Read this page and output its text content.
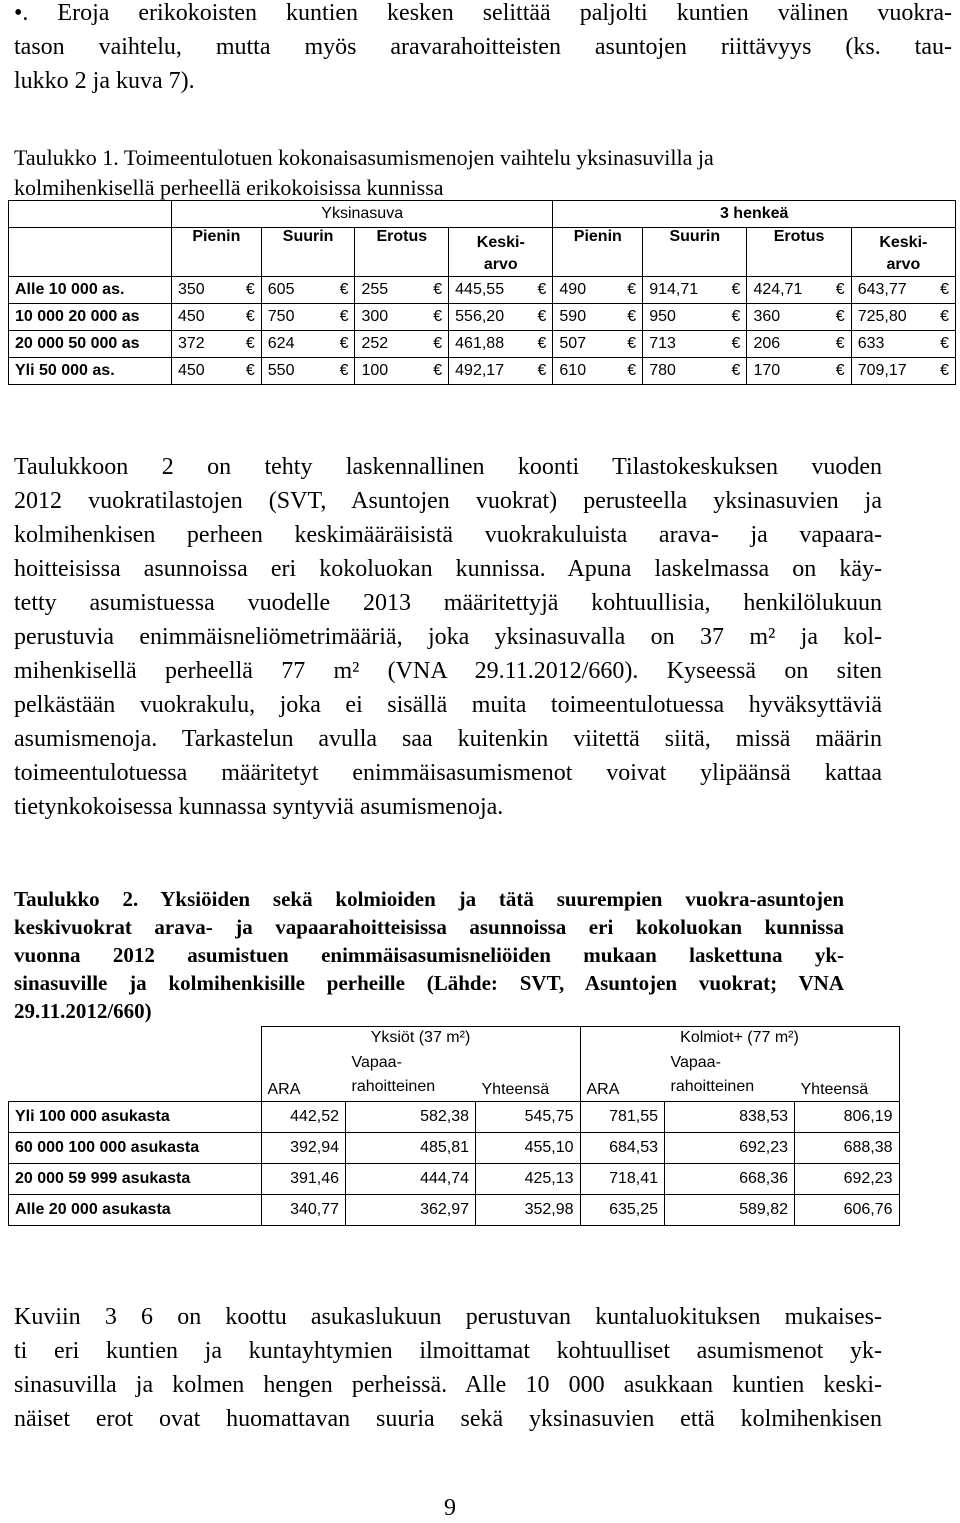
•. Eroja erikokoisten kuntien kesken selittää paljolti kuntien välinen vuokra-
tason vaihtelu, mutta myös aravarahoitteisten asuntojen riittävyys (ks. tau-
lukko 2 ja kuva 7).
Taulukko 1. Toimeentulotuen kokonaisasumismenojen vaihtelu yksinasuvilla ja
kolmihenkisellä perheellä erikokoisissa kunnissa
	Yksinasuva				3 henkeä			
	Pienin	Suurin	Erotus	Keski-
arvo	Pienin	Suurin	Erotus	Keski-
arvo
Alle 10 000 as.	350 €	605 €	255 €	445,55 €	490 €	914,71 €	424,71 €	643,77 €

10 000 20 000 as	450 €	750 €	300 €	556,20 €	590 €	950 €	360 €	725,80 €

20 000 50 000 as	372 €	624 €	252 €	461,88 €	507 €	713 €	206 €	633 €

Yli 50 000 as.	450 €	550 €	100 €	492,17 €	610 €	780 €	170 €	709,17 €
Taulukkoon 2 on tehty laskennallinen koonti Tilastokeskuksen vuoden
2012 vuokratilastojen (SVT, Asuntojen vuokrat) perusteella yksinasuvien ja
kolmihenkisen perheen keskimääräisistä vuokrakuluista arava- ja vapaara-
hoitteisissa asunnoissa eri kokoluokan kunnissa. Apuna laskelmassa on käy-
tetty asumistuessa vuodelle 2013 määritettyjä kohtuullisia, henkilölukuun
perustuvia enimmäisneliömetrimääriä, joka yksinasuvalla on 37 m² ja kol-
mihenkisellä perheellä 77 m² (VNA 29.11.2012/660). Kyseessä on siten
pelkästään vuokrakulu, joka ei sisällä muita toimeentulotuessa hyväksyttäviä
asumismenoja. Tarkastelun avulla saa kuitenkin viitettä siitä, missä määrin
toimeentulotuessa määritetyt enimmäisasumismenot voivat ylipäänsä kattaa
tietynkokoisessa kunnassa syntyviä asumismenoja.
Taulukko 2. Yksiöiden sekä kolmioiden ja tätä suurempien vuokra-asuntojen
keskivuokrat arava- ja vapaarahoitteisissa asunnoissa eri kokoluokan kunnissa
vuonna 2012 asumistuen enimmäisasumisneliöiden mukaan laskettuna yk-
sinasuville ja kolmihenkisille perheille (Lähde: SVT, Asuntojen vuokrat; VNA
29.11.2012/660)
	Yksiöt (37 m²)			Kolmiot+ (77 m²)		
	ARA	Vapaa-
rahoitteinen	Yhteensä	ARA	Vapaa-
rahoitteinen	Yhteensä
Yli 100 000 asukasta	442,52	582,38	545,75	781,55	838,53	806,19
60 000 100 000 asukasta	392,94	485,81	455,10	684,53	692,23	688,38
20 000 59 999 asukasta	391,46	444,74	425,13	718,41	668,36	692,23
Alle 20 000 asukasta	340,77	362,97	352,98	635,25	589,82	606,76
Kuviin 3 6 on koottu asukaslukuun perustuvan kuntaluokituksen mukaises-
ti eri kuntien ja kuntayhtymien ilmoittamat kohtuulliset asumismenot yk-
sinasuvilla ja kolmen hengen perheissä. Alle 10 000 asukkaan kuntien keski-
näiset erot ovat huomattavan suuria sekä yksinasuvien että kolmihenkisen
9
